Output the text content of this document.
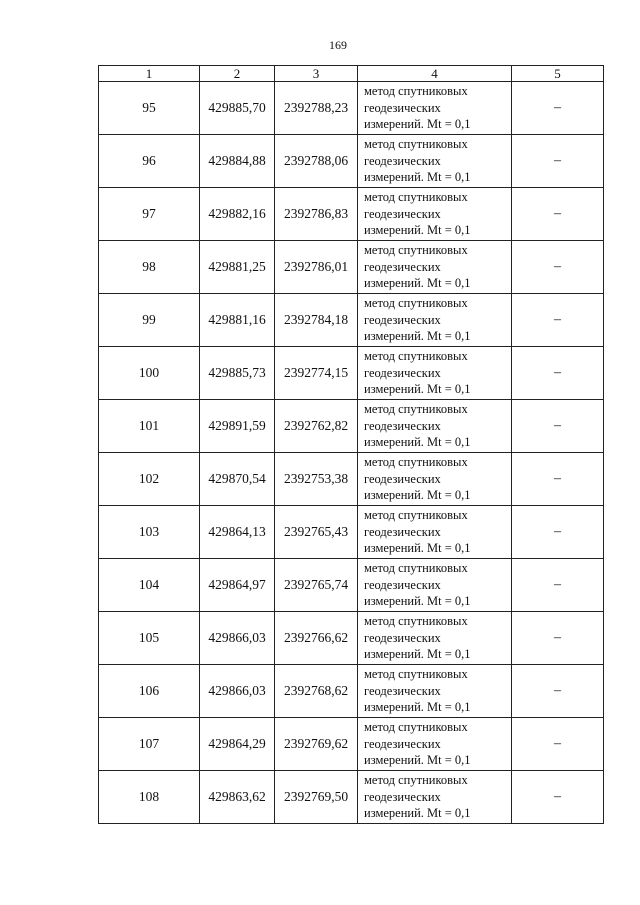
169
1	2	3	4	5
95	429885,70	2392788,23	метод спутниковых
геодезических
измерений. Mt = 0,1	–
96	429884,88	2392788,06	метод спутниковых
геодезических
измерений. Mt = 0,1	–
97	429882,16	2392786,83	метод спутниковых
геодезических
измерений. Mt = 0,1	–
98	429881,25	2392786,01	метод спутниковых
геодезических
измерений. Mt = 0,1	–
99	429881,16	2392784,18	метод спутниковых
геодезических
измерений. Mt = 0,1	–
100	429885,73	2392774,15	метод спутниковых
геодезических
измерений. Mt = 0,1	–
101	429891,59	2392762,82	метод спутниковых
геодезических
измерений. Mt = 0,1	–
102	429870,54	2392753,38	метод спутниковых
геодезических
измерений. Mt = 0,1	–
103	429864,13	2392765,43	метод спутниковых
геодезических
измерений. Mt = 0,1	–
104	429864,97	2392765,74	метод спутниковых
геодезических
измерений. Mt = 0,1	–
105	429866,03	2392766,62	метод спутниковых
геодезических
измерений. Mt = 0,1	–
106	429866,03	2392768,62	метод спутниковых
геодезических
измерений. Mt = 0,1	–
107	429864,29	2392769,62	метод спутниковых
геодезических
измерений. Mt = 0,1	–
108	429863,62	2392769,50	метод спутниковых
геодезических
измерений. Mt = 0,1	–
